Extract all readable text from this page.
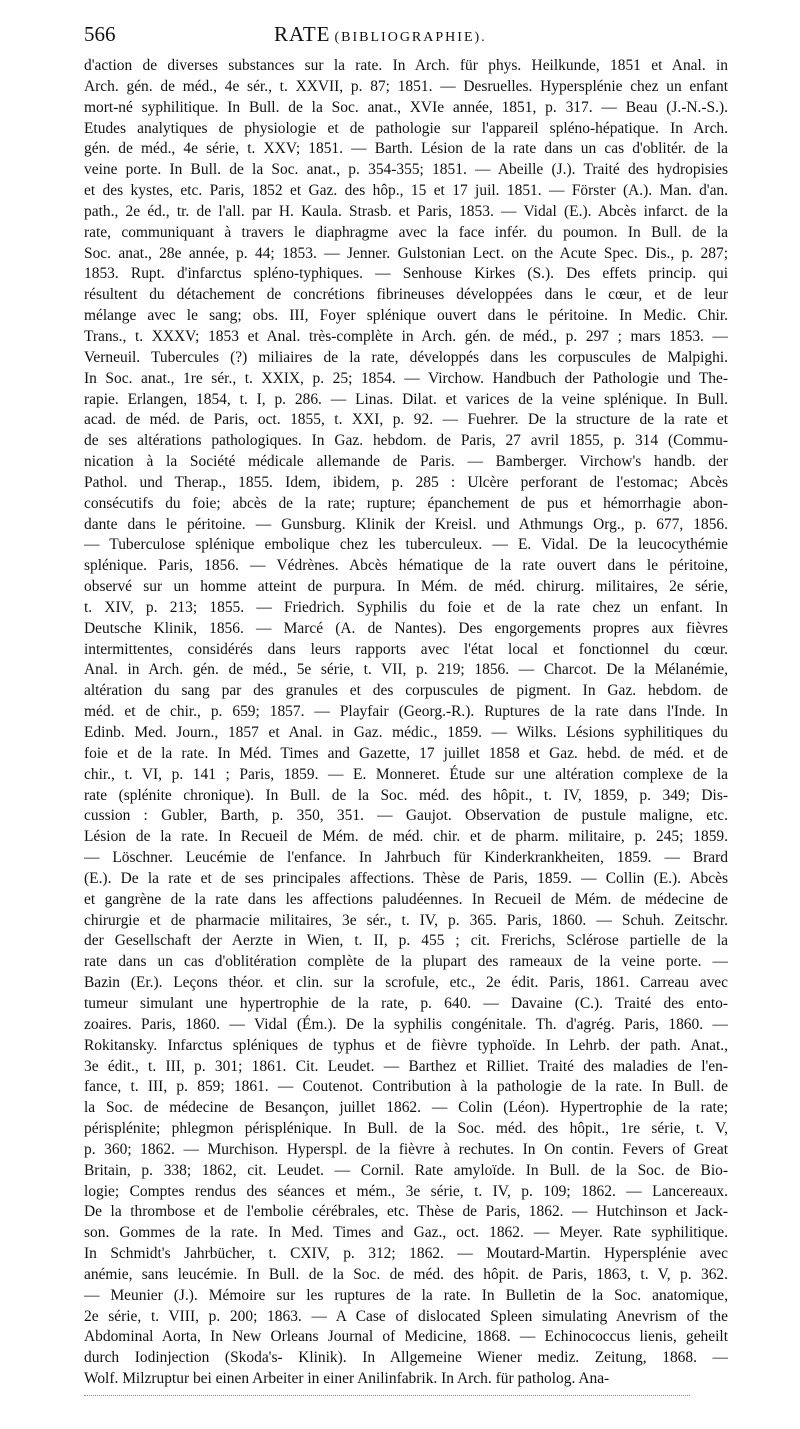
566	RATE
(BIBLIOGRAPHIE).

d'action de diverses substances sur la rate. In Arch. für phys. Heilkunde, 1851 et Anal. in

Arch. gén. de méd., 4e sér., t. XXVII, p. 87; 1851. — Desruelles. Hypersplénie chez un enfant

mort-né syphilitique. In Bull. de la Soc. anat., XVIe année, 1851, p. 317. — Beau (J.-N.-S.).

Etudes analytiques de physiologie et de pathologie sur l'appareil spléno-hépatique. In Arch.

gén. de méd., 4e série, t. XXV; 1851. — Barth. Lésion de la rate dans un cas d'oblitér. de la

veine porte. In Bull. de la Soc. anat., p. 354-355; 1851. — Abeille (J.). Traité des hydropisies

et des kystes, etc. Paris, 1852 et Gaz. des hôp., 15 et 17 juil. 1851. — Förster (A.). Man. d'an.

path., 2e éd., tr. de l'all. par H. Kaula. Strasb. et Paris, 1853. — Vidal (E.). Abcès infarct. de la

rate, communiquant à travers le diaphragme avec la face infér. du poumon. In Bull. de la

Soc. anat., 28e année, p. 44; 1853. — Jenner. Gulstonian Lect. on the Acute Spec. Dis., p. 287;

1853. Rupt. d'infarctus spléno-typhiques. — Senhouse Kirkes (S.). Des effets princip. qui

résultent du détachement de concrétions fibrineuses développées dans le cœur, et de leur

mélange avec le sang; obs. III, Foyer splénique ouvert dans le péritoine. In Medic. Chir.

Trans., t. XXXV; 1853 et Anal. très-complète in Arch. gén. de méd., p. 297 ; mars 1853. —

Verneuil. Tubercules (?) miliaires de la rate, développés dans les corpuscules de Malpighi.

In Soc. anat., 1re sér., t. XXIX, p. 25; 1854. — Virchow. Handbuch der Pathologie und The-

rapie. Erlangen, 1854, t. I, p. 286. — Linas. Dilat. et varices de la veine splénique. In Bull.

acad. de méd. de Paris, oct. 1855, t. XXI, p. 92. — Fuehrer. De la structure de la rate et

de ses altérations pathologiques. In Gaz. hebdom. de Paris, 27 avril 1855, p. 314 (Commu-

nication à la Société médicale allemande de Paris. — Bamberger. Virchow's handb. der

Pathol. und Therap., 1855. Idem, ibidem, p. 285 : Ulcère perforant de l'estomac; Abcès

consécutifs du foie; abcès de la rate; rupture; épanchement de pus et hémorrhagie abon-

dante dans le péritoine. — Gunsburg. Klinik der Kreisl. und Athmungs Org., p. 677, 1856.

— Tuberculose splénique embolique chez les tuberculeux. — E. Vidal. De la leucocythémie

splénique. Paris, 1856. — Védrènes. Abcès hématique de la rate ouvert dans le péritoine,

observé sur un homme atteint de purpura. In Mém. de méd. chirurg. militaires, 2e série,

t. XIV, p. 213; 1855. — Friedrich. Syphilis du foie et de la rate chez un enfant. In

Deutsche Klinik, 1856. — Marcé (A. de Nantes). Des engorgements propres aux fièvres

intermittentes, considérés dans leurs rapports avec l'état local et fonctionnel du cœur.

Anal. in Arch. gén. de méd., 5e série, t. VII, p. 219; 1856. — Charcot. De la Mélanémie,

altération du sang par des granules et des corpuscules de pigment. In Gaz. hebdom. de

méd. et de chir., p. 659; 1857. — Playfair (Georg.-R.). Ruptures de la rate dans l'Inde. In

Edinb. Med. Journ., 1857 et Anal. in Gaz. médic., 1859. — Wilks. Lésions syphilitiques du

foie et de la rate. In Méd. Times and Gazette, 17 juillet 1858 et Gaz. hebd. de méd. et de

chir., t. VI, p. 141 ; Paris, 1859. — E. Monneret. Étude sur une altération complexe de la

rate (splénite chronique). In Bull. de la Soc. méd. des hôpit., t. IV, 1859, p. 349; Dis-

cussion : Gubler, Barth, p. 350, 351. — Gaujot. Observation de pustule maligne, etc.

Lésion de la rate. In Recueil de Mém. de méd. chir. et de pharm. militaire, p. 245; 1859.

— Löschner. Leucémie de l'enfance. In Jahrbuch für Kinderkrankheiten, 1859. — Brard

(E.). De la rate et de ses principales affections. Thèse de Paris, 1859. — Collin (E.). Abcès

et gangrène de la rate dans les affections paludéennes. In Recueil de Mém. de médecine de

chirurgie et de pharmacie militaires, 3e sér., t. IV, p. 365. Paris, 1860. — Schuh. Zeitschr.

der Gesellschaft der Aerzte in Wien, t. II, p. 455 ; cit. Frerichs, Sclérose partielle de la

rate dans un cas d'oblitération complète de la plupart des rameaux de la veine porte. —

Bazin (Er.). Leçons théor. et clin. sur la scrofule, etc., 2e édit. Paris, 1861. Carreau avec

tumeur simulant une hypertrophie de la rate, p. 640. — Davaine (C.). Traité des ento-

zoaires. Paris, 1860. — Vidal (Ém.). De la syphilis congénitale. Th. d'agrég. Paris, 1860. —

Rokitansky. Infarctus spléniques de typhus et de fièvre typhoïde. In Lehrb. der path. Anat.,

3e édit., t. III, p. 301; 1861. Cit. Leudet. — Barthez et Rilliet. Traité des maladies de l'en-

fance, t. III, p. 859; 1861. — Coutenot. Contribution à la pathologie de la rate. In Bull. de

la Soc. de médecine de Besançon, juillet 1862. — Colin (Léon). Hypertrophie de la rate;

périsplénite; phlegmon périsplénique. In Bull. de la Soc. méd. des hôpit., 1re série, t. V,

p. 360; 1862. — Murchison. Hyperspl. de la fièvre à rechutes. In On contin. Fevers of Great

Britain, p. 338; 1862, cit. Leudet. — Cornil. Rate amyloïde. In Bull. de la Soc. de Bio-

logie; Comptes rendus des séances et mém., 3e série, t. IV, p. 109; 1862. — Lancereaux.

De la thrombose et de l'embolie cérébrales, etc. Thèse de Paris, 1862. — Hutchinson et Jack-

son. Gommes de la rate. In Med. Times and Gaz., oct. 1862. — Meyer. Rate syphilitique.

In Schmidt's Jahrbücher, t. CXIV, p. 312; 1862. — Moutard-Martin. Hypersplénie avec

anémie, sans leucémie. In Bull. de la Soc. de méd. des hôpit. de Paris, 1863, t. V, p. 362.

— Meunier (J.). Mémoire sur les ruptures de la rate. In Bulletin de la Soc. anatomique,

2e série, t. VIII, p. 200; 1863. — A Case of dislocated Spleen simulating Anevrism of the

Abdominal Aorta, In New Orleans Journal of Medicine, 1868. — Echinococcus lienis, geheilt

durch Iodinjection (Skoda's- Klinik). In Allgemeine Wiener mediz. Zeitung, 1868. —

Wolf. Milzruptur bei einen Arbeiter in einer Anilinfabrik. In Arch. für patholog. Ana-
